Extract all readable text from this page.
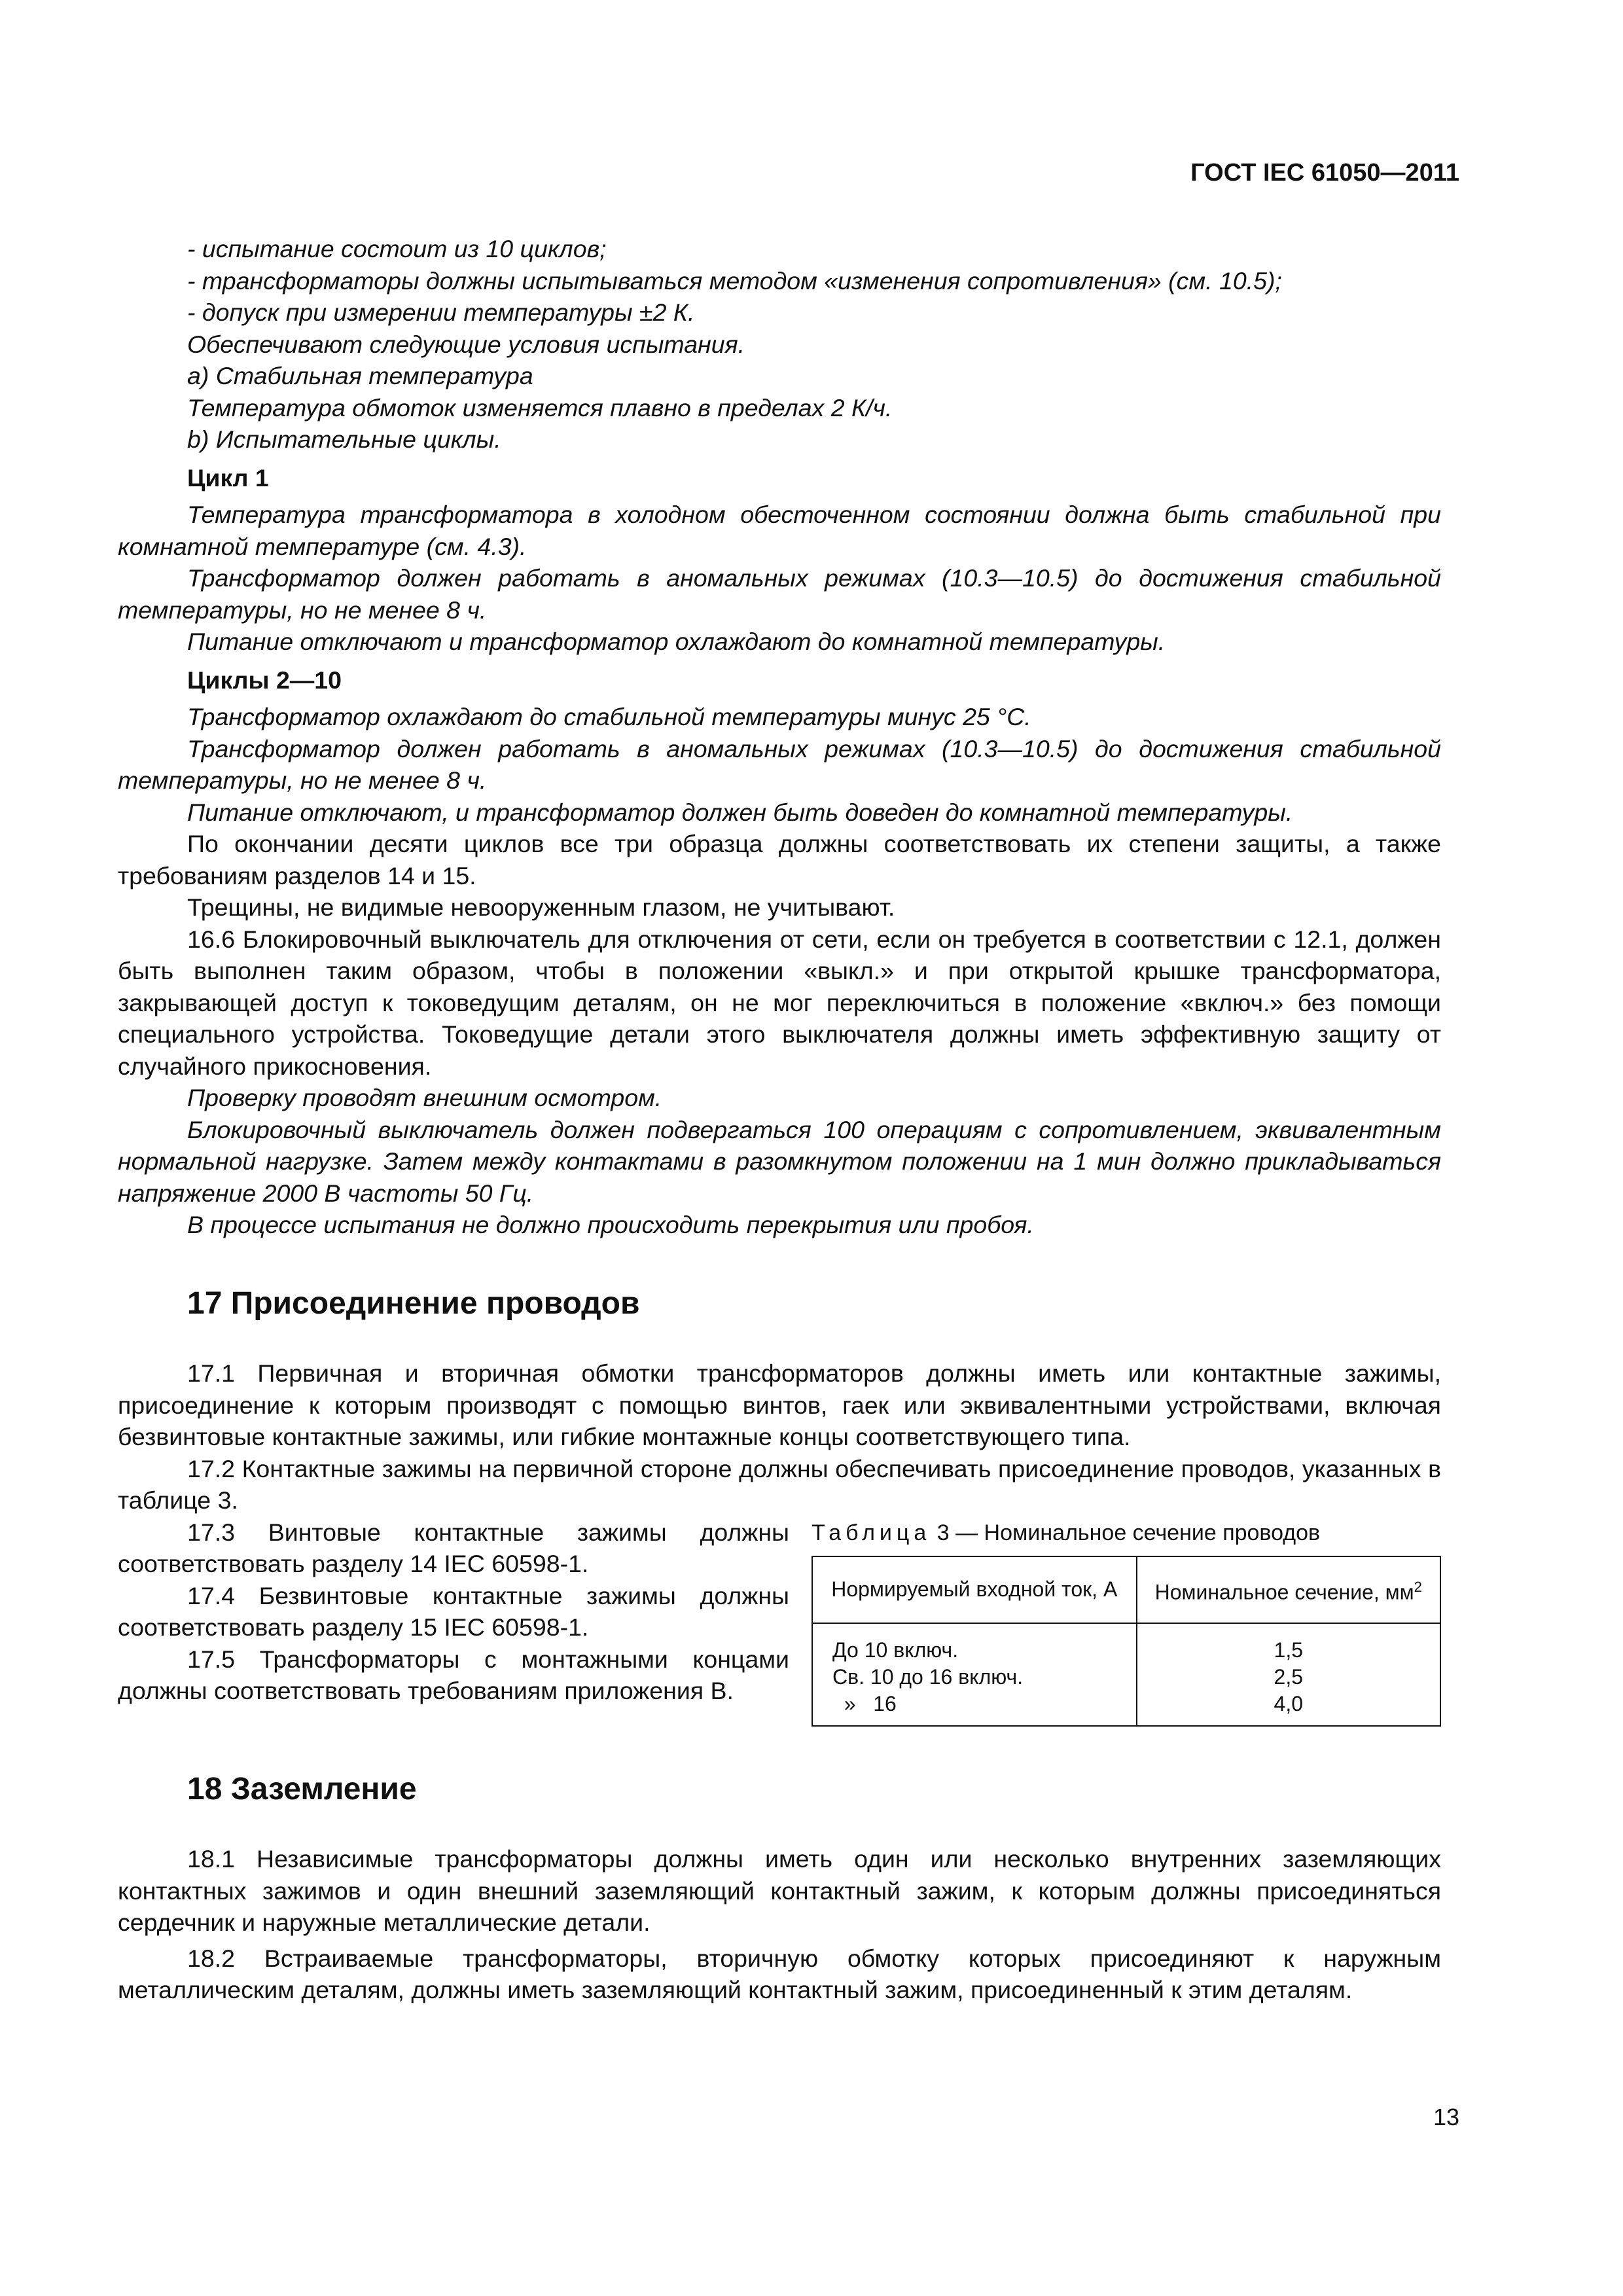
ГОСТ IEC 61050—2011

- испытание состоит из 10 циклов;

- трансформаторы должны испытываться методом «изменения сопротивления» (см. 10.5);

- допуск при измерении температуры ±2 К.

Обеспечивают следующие условия испытания.

a) Стабильная температура

Температура обмоток изменяется плавно в пределах 2 К/ч.

b) Испытательные циклы.

Цикл 1

Температура трансформатора в холодном обесточенном состоянии должна быть стабильной при комнатной температуре (см. 4.3).

Трансформатор должен работать в аномальных режимах (10.3—10.5) до достижения стабильной температуры, но не менее 8 ч.

Питание отключают и трансформатор охлаждают до комнатной температуры.

Циклы 2—10

Трансформатор охлаждают до стабильной температуры минус 25 °С.

Трансформатор должен работать в аномальных режимах (10.3—10.5) до достижения стабильной температуры, но не менее 8 ч.

Питание отключают, и трансформатор должен быть доведен до комнатной температуры.

По окончании десяти циклов все три образца должны соответствовать их степени защиты, а также требованиям разделов 14 и 15.

Трещины, не видимые невооруженным глазом, не учитывают.

16.6 Блокировочный выключатель для отключения от сети, если он требуется в соответствии с 12.1, должен быть выполнен таким образом, чтобы в положении «выкл.» и при открытой крышке трансформатора, закрывающей доступ к токоведущим деталям, он не мог переключиться в положение «включ.» без помощи специального устройства. Токоведущие детали этого выключателя должны иметь эффективную защиту от случайного прикосновения.

Проверку проводят внешним осмотром.

Блокировочный выключатель должен подвергаться 100 операциям с сопротивлением, эквивалентным нормальной нагрузке. Затем между контактами в разомкнутом положении на 1 мин должно прикладываться напряжение 2000 В частоты 50 Гц.

В процессе испытания не должно происходить перекрытия или пробоя.

17 Присоединение проводов

17.1 Первичная и вторичная обмотки трансформаторов должны иметь или контактные зажимы, присоединение к которым производят с помощью винтов, гаек или эквивалентными устройствами, включая безвинтовые контактные зажимы, или гибкие монтажные концы соответствующего типа.

17.2 Контактные зажимы на первичной стороне должны обеспечивать присоединение проводов, указанных в таблице 3.

17.3 Винтовые контактные зажимы должны соответствовать разделу 14 IEC 60598-1.

17.4 Безвинтовые контактные зажимы должны соответствовать разделу 15 IEC 60598-1.

17.5 Трансформаторы с монтажными концами должны соответствовать требованиям приложения B.

Таблица 3 — Номинальное сечение проводов
Нормируемый входной ток, А	Номинальное сечение, $мм^2$
До 10 включ.	1,5
Св. 10 до 16 включ.	2,5
»   16	4,0
18 Заземление

18.1 Независимые трансформаторы должны иметь один или несколько внутренних заземляющих контактных зажимов и один внешний заземляющий контактный зажим, к которым должны присоединяться сердечник и наружные металлические детали.

18.2 Встраиваемые трансформаторы, вторичную обмотку которых присоединяют к наружным металлическим деталям, должны иметь заземляющий контактный зажим, присоединенный к этим деталям.

13
